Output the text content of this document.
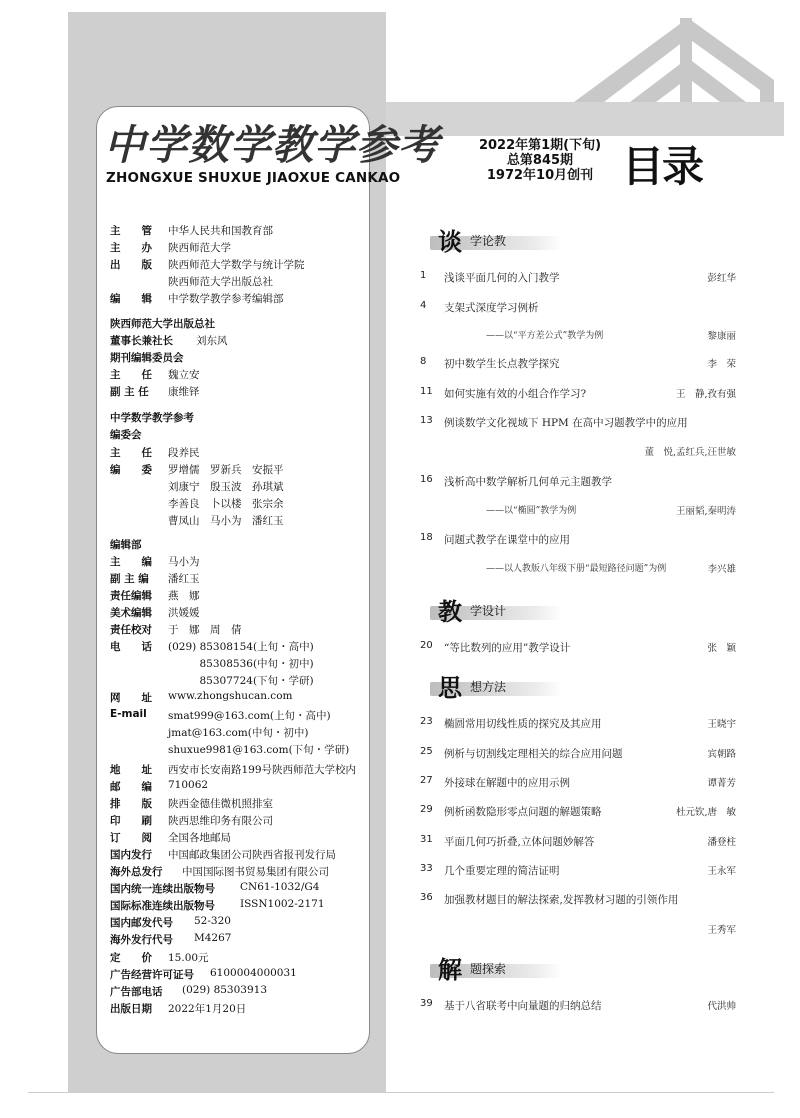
中学数学教学参考
ZHONGXUE SHUXUE JIAOXUE CANKAO
2022年第1期(下旬)
总第845期
1972年10月创刊 目录
主　　管 中华人民共和国教育部
主　　办 陕西师范大学
出　　版 陕西师范大学数学与统计学院
陕西师范大学出版总社
编　　辑 中学数学教学参考编辑部
陕西师范大学出版总社
董事长兼社长 刘东风
期刊编辑委员会
主　　任 魏立安
副 主 任 康维铎
中学数学教学参考
编委会
主　　任 段养民
编　　委 罗增儒　罗新兵　安振平
刘康宁　殷玉波　孙琪斌
李善良　卜以楼　张宗余
曹凤山　马小为　潘红玉
编辑部
主　　编 马小为
副 主 编 潘红玉
责任编辑 燕　娜
美术编辑 洪媛媛
责任校对 于　娜　周　倩
电　　话 (029) 85308154(上旬・高中)
　　　85308536(中旬・初中)
　　　85307724(下旬・学研)
网　　址 www.zhongshucan.com
E-mail smat999@163.com(上旬・高中)
jmat@163.com(中旬・初中)
shuxue9981@163.com(下旬・学研)
地　　址 西安市长安南路199号陕西师范大学校内
邮　　编 710062
排　　版 陕西金德佳微机照排室
印　　刷 陕西思维印务有限公司
订　　阅 全国各地邮局
国内发行 中国邮政集团公司陕西省报刊发行局
海外总发行 中国国际图书贸易集团有限公司
国内统一连续出版物号 CN61-1032/G4
国际标准连续出版物号 ISSN1002-2171
国内邮发代号 52-320
海外发行代号 M4267
定　　价 15.00元
广告经营许可证号 6100004000031
广告部电话 (029) 85303913
出版日期 2022年1月20日
谈 学论教
教 学设计
思 想方法
解 题探索
1	浅谈平面几何的入门教学	彭红华
4	支架式深度学习例析
——以“平方差公式”教学为例	黎康丽
8	初中数学生长点教学探究	李　荣
11	如何实施有效的小组合作学习?	王　静,孜有强
13	例谈数学文化视域下 HPM 在高中习题教学中的应用
董　悦,孟红兵,汪世敏
16	浅析高中数学解析几何单元主题教学
——以“椭圆”教学为例	王丽韬,秦明涛
18	问题式教学在课堂中的应用
——以人教版八年级下册“最短路径问题”为例	李兴雄
20	“等比数列的应用”教学设计	张　颖
23	椭圆常用切线性质的探究及其应用	王晓宇
25	例析与切割线定理相关的综合应用问题	宾朝路
27	外接球在解题中的应用示例	谭菁芳
29	例析函数隐形零点问题的解题策略	杜元钦,唐　敏
31	平面几何巧折叠,立体问题妙解答	潘登柱
33	几个重要定理的简洁证明	王永军
36	加强教材题目的解法探索,发挥教材习题的引领作用
王秀军
39	基于八省联考中向量题的归纳总结	代洪帅
